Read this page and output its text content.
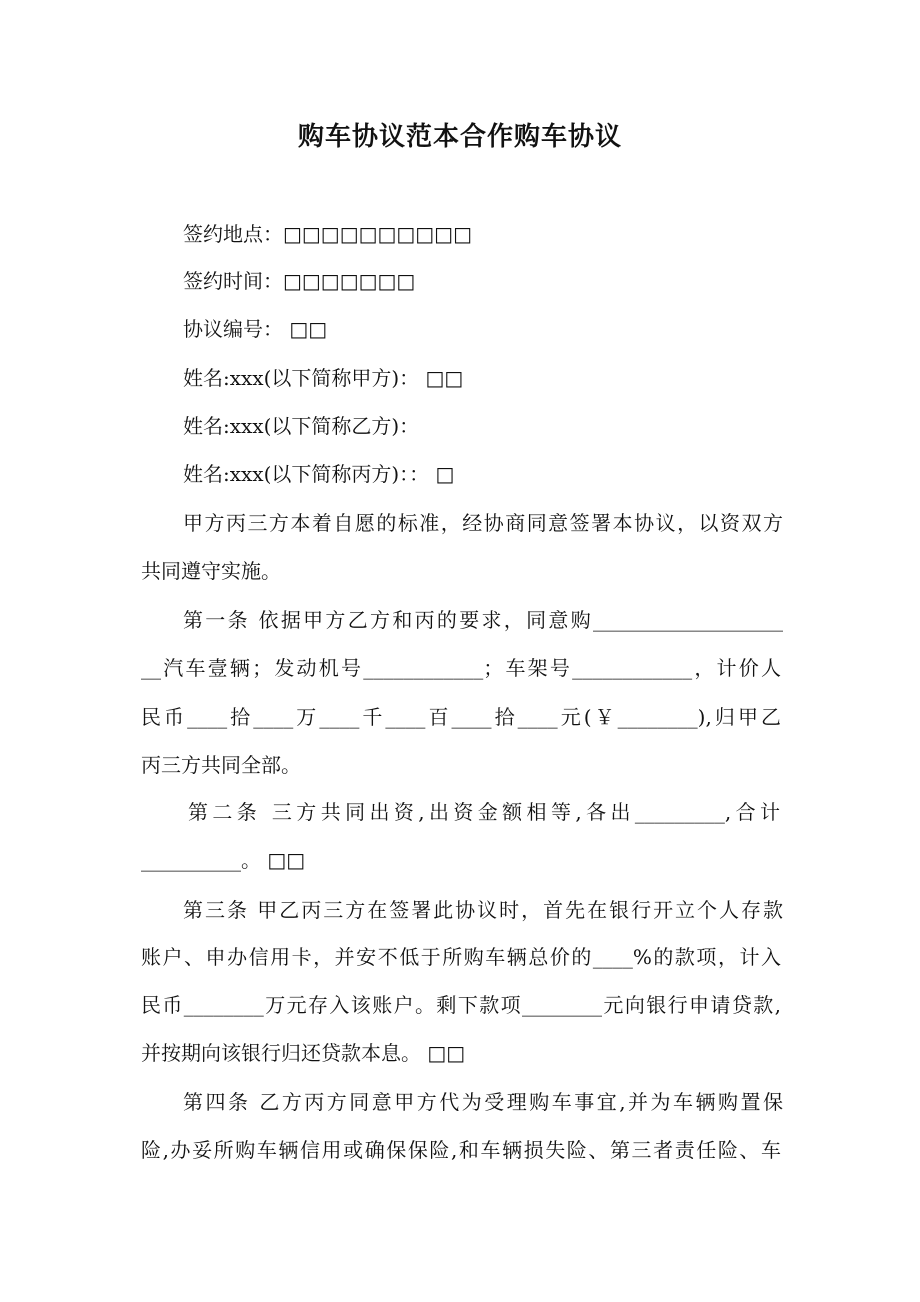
购车协议范本合作购车协议
签约地点：□□□□□□□□□□
签约时间：□□□□□□□
协议编号： □□
姓名:xxx(以下简称甲方)： □□
姓名:xxx(以下简称乙方)：
姓名:xxx(以下简称丙方)：： □
甲方丙三方本着自愿的标准，经协商同意签署本协议，以资双方
共同遵守实施。
第一条 依据甲方乙方和丙的要求，同意购___________________
__汽车壹辆；发动机号____________；车架号____________，计价人
民币____拾____万____千____百____拾____元(￥________),归甲乙
丙三方共同全部。
第二条 三方共同出资,出资金额相等,各出_________,合计
__________。 □□
第三条 甲乙丙三方在签署此协议时，首先在银行开立个人存款
账户、申办信用卡，并安不低于所购车辆总价的____%的款项，计入
民币________万元存入该账户。剩下款项________元向银行申请贷款,
并按期向该银行归还贷款本息。 □□
第四条 乙方丙方同意甲方代为受理购车事宜,并为车辆购置保
险,办妥所购车辆信用或确保保险,和车辆损失险、第三者责任险、车
